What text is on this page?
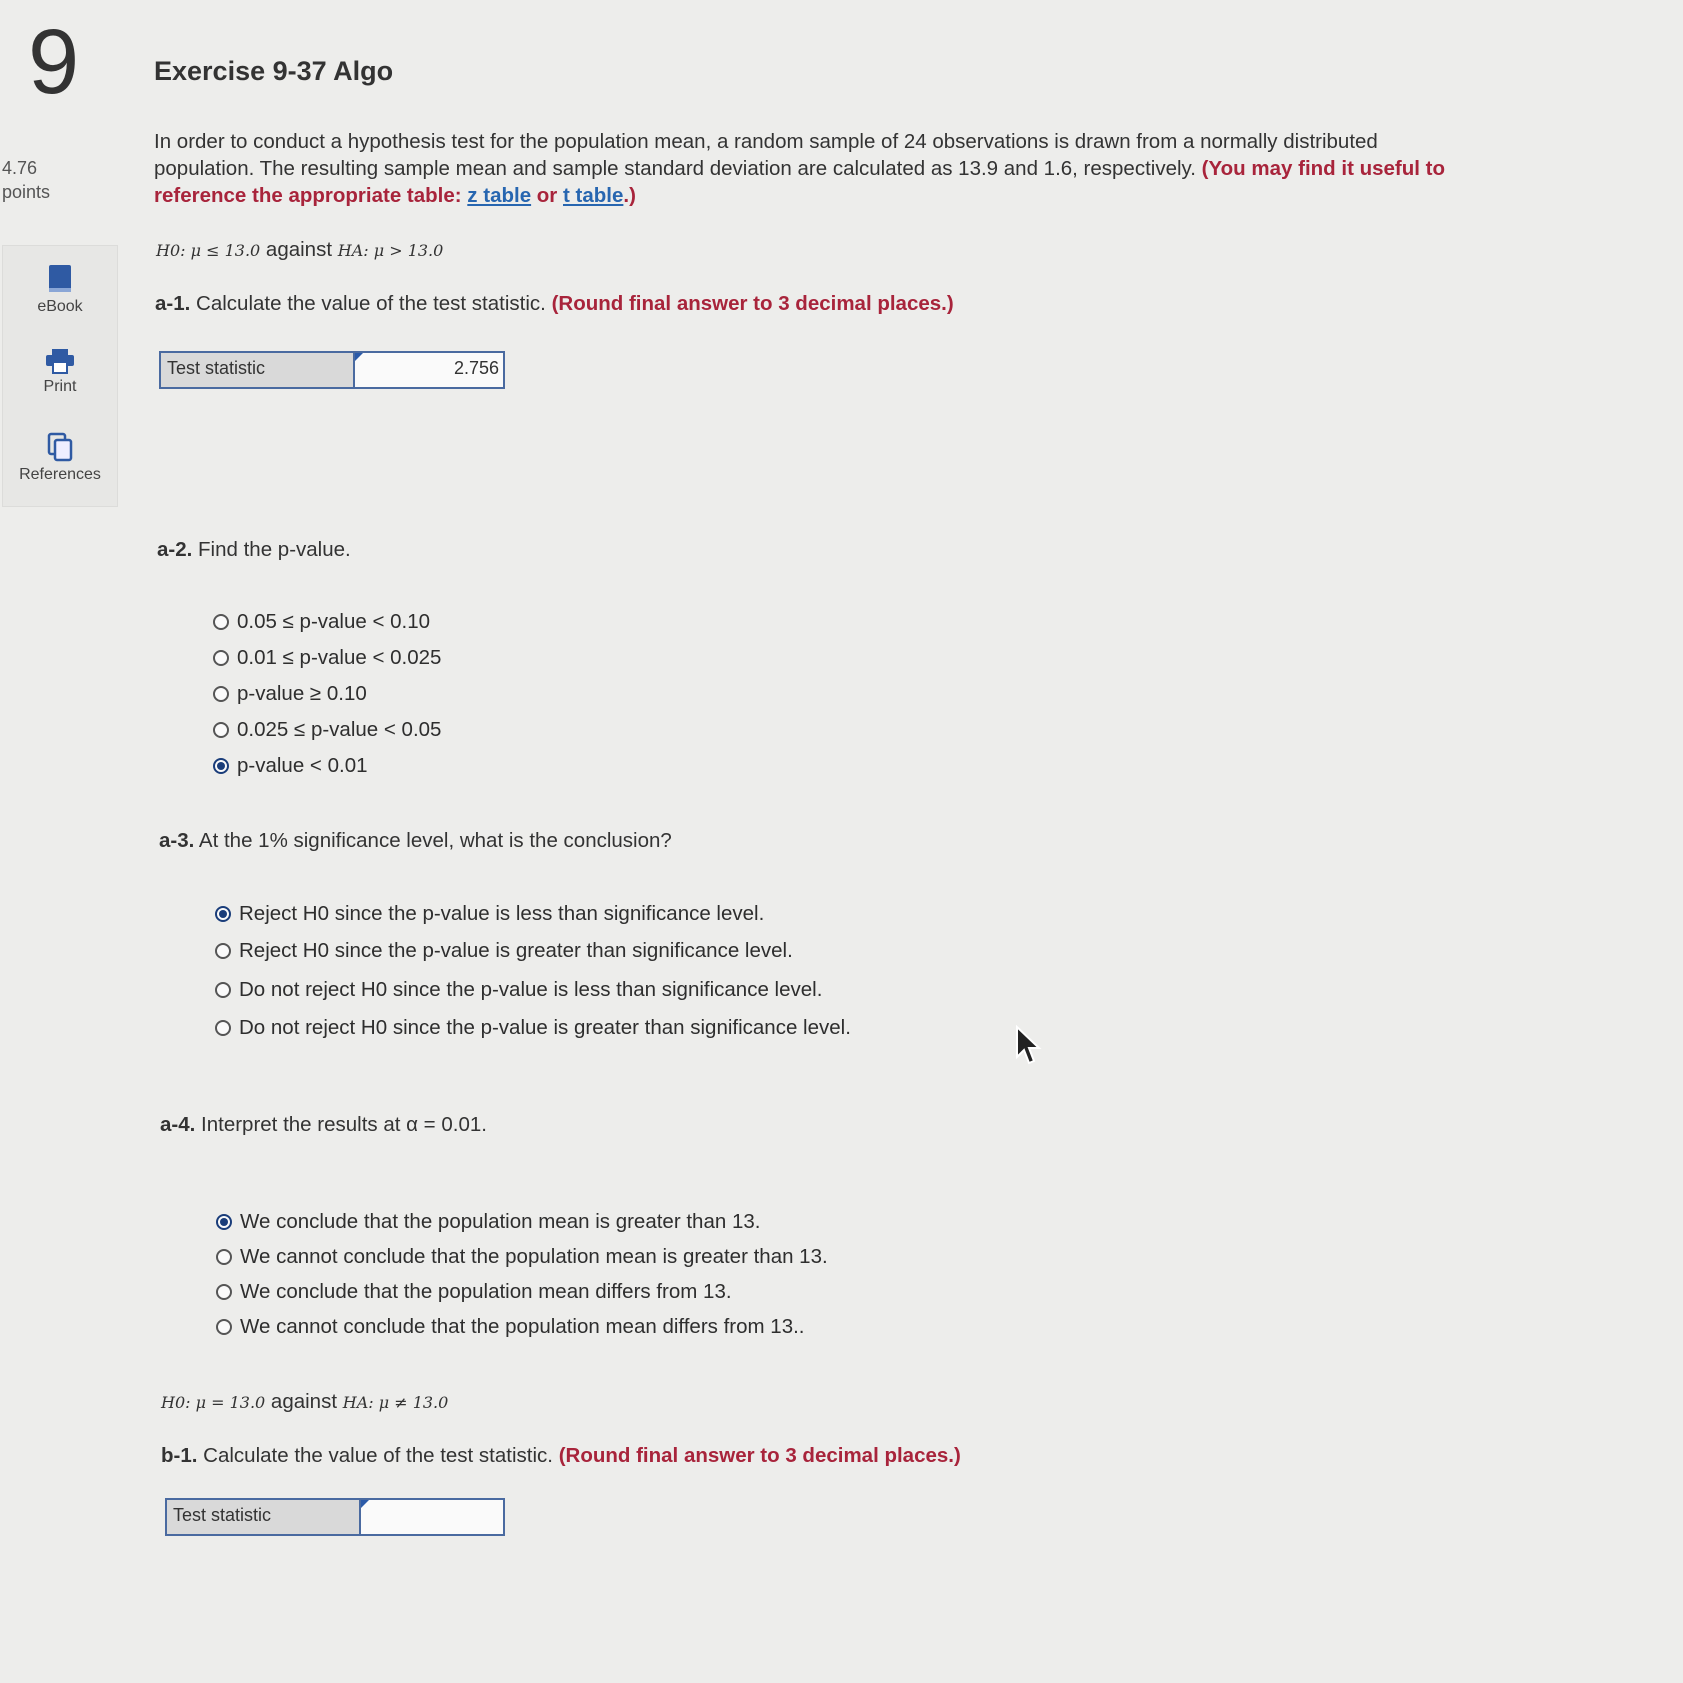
9
4.76
points
eBook
Print
References
Exercise 9-37 Algo
In order to conduct a hypothesis test for the population mean, a random sample of 24 observations is drawn from a normally distributed population. The resulting sample mean and sample standard deviation are calculated as 13.9 and 1.6, respectively. (You may find it useful to reference the appropriate table: z table or t table.)
H0: μ ≤ 13.0 against HA: μ > 13.0
a-1. Calculate the value of the test statistic. (Round final answer to 3 decimal places.)
Test statistic	2.756
a-2. Find the p-value.
0.05 ≤ p-value < 0.10
0.01 ≤ p-value < 0.025
p-value ≥ 0.10
0.025 ≤ p-value < 0.05
p-value < 0.01
a-3. At the 1% significance level, what is the conclusion?
Reject H0 since the p-value is less than significance level.
Reject H0 since the p-value is greater than significance level.
Do not reject H0 since the p-value is less than significance level.
Do not reject H0 since the p-value is greater than significance level.
a-4. Interpret the results at α = 0.01.
We conclude that the population mean is greater than 13.
We cannot conclude that the population mean is greater than 13.
We conclude that the population mean differs from 13.
We cannot conclude that the population mean differs from 13..
H0: μ = 13.0 against HA: μ ≠ 13.0
b-1. Calculate the value of the test statistic. (Round final answer to 3 decimal places.)
Test statistic
